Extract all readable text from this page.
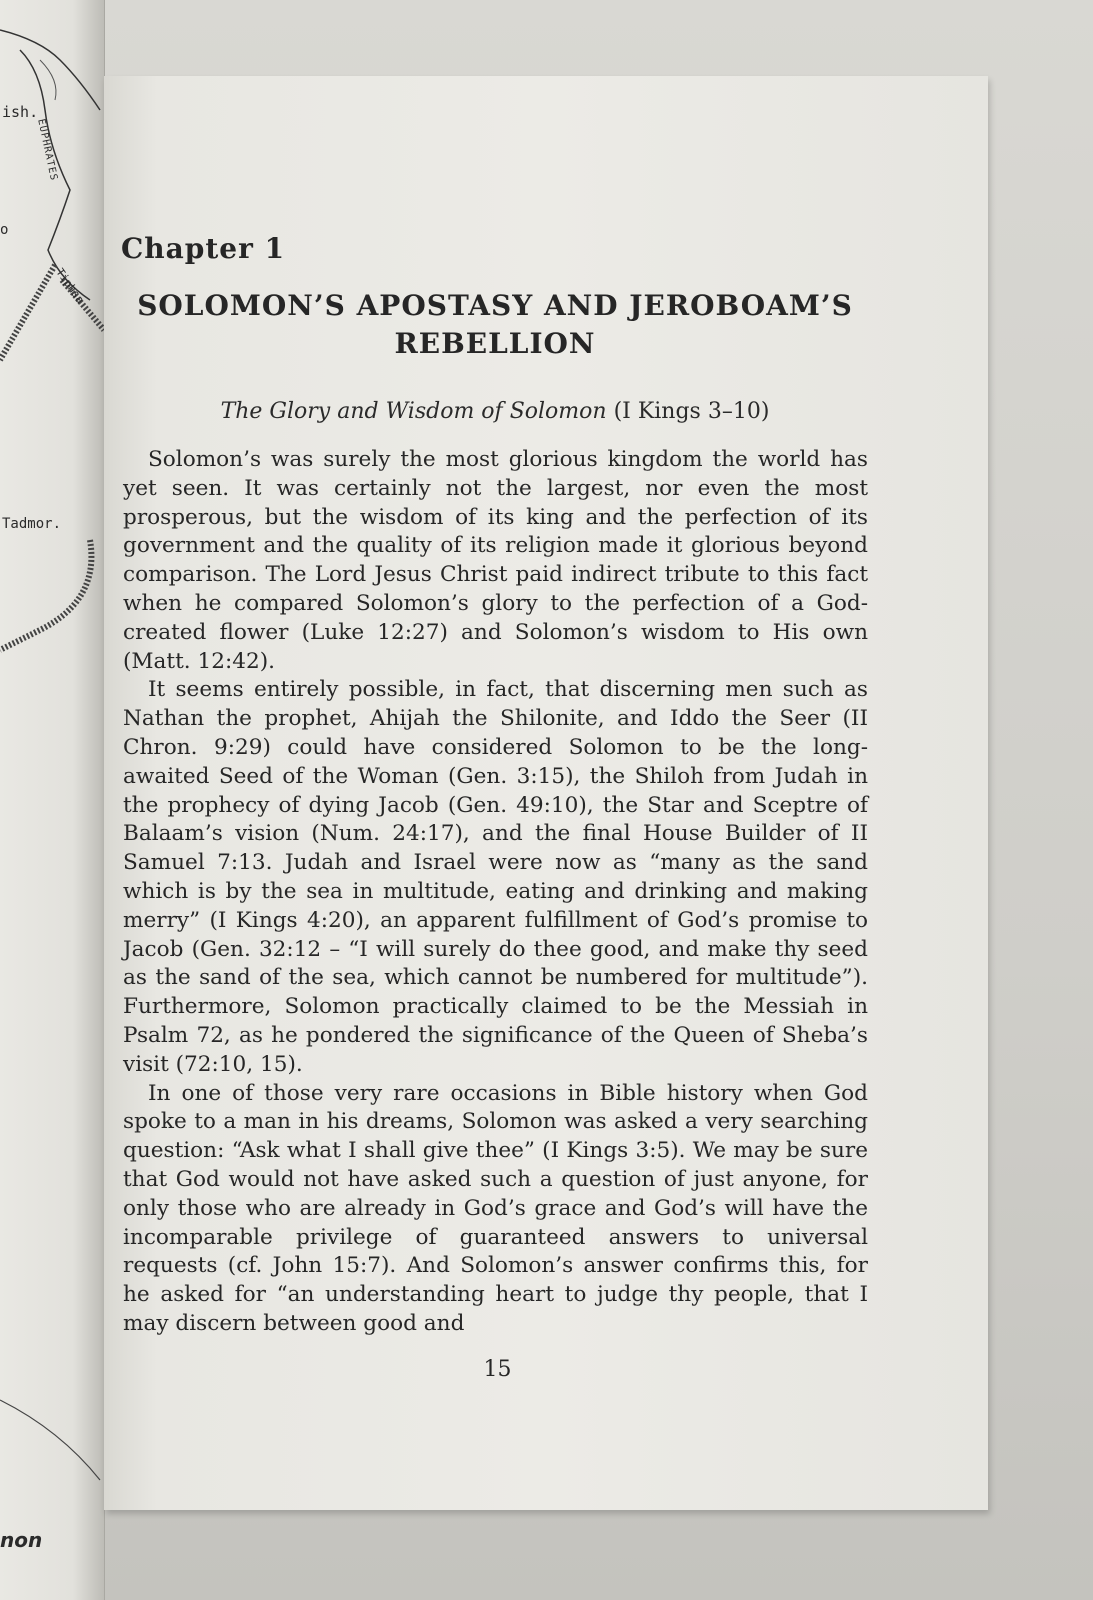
EUPHRATES
Tiphsa
ish.
o
Tadmor.
non
Chapter 1
SOLOMON’S APOSTASY AND JEROBOAM’S
REBELLION
The Glory and Wisdom of Solomon (I Kings 3–10)

Solomon’s was surely the most glorious kingdom the world has yet seen. It was certainly not the largest, nor even the most prosperous, but the wisdom of its king and the perfection of its government and the quality of its religion made it glorious beyond comparison. The Lord Jesus Christ paid indirect tribute to this fact when he compared Solomon’s glory to the perfection of a God-created flower (Luke 12:27) and Solomon’s wisdom to His own (Matt. 12:42).

It seems entirely possible, in fact, that discerning men such as Nathan the prophet, Ahijah the Shilonite, and Iddo the Seer (II Chron. 9:29) could have considered Solomon to be the long-awaited Seed of the Woman (Gen. 3:15), the Shiloh from Judah in the prophecy of dying Jacob (Gen. 49:10), the Star and Sceptre of Balaam’s vision (Num. 24:17), and the final House Builder of II Samuel 7:13. Judah and Israel were now as “many as the sand which is by the sea in multitude, eating and drinking and making merry” (I Kings 4:20), an apparent fulfillment of God’s promise to Jacob (Gen. 32:12 – “I will surely do thee good, and make thy seed as the sand of the sea, which cannot be numbered for multitude”). Furthermore, Solomon practically claimed to be the Messiah in Psalm 72, as he pondered the significance of the Queen of Sheba’s visit (72:10, 15).

In one of those very rare occasions in Bible history when God spoke to a man in his dreams, Solomon was asked a very searching question: “Ask what I shall give thee” (I Kings 3:5). We may be sure that God would not have asked such a question of just anyone, for only those who are already in God’s grace and God’s will have the incomparable privilege of guaranteed answers to universal requests (cf. John 15:7). And Solomon’s answer confirms this, for he asked for “an understanding heart to judge thy people, that I may discern between good and

15
